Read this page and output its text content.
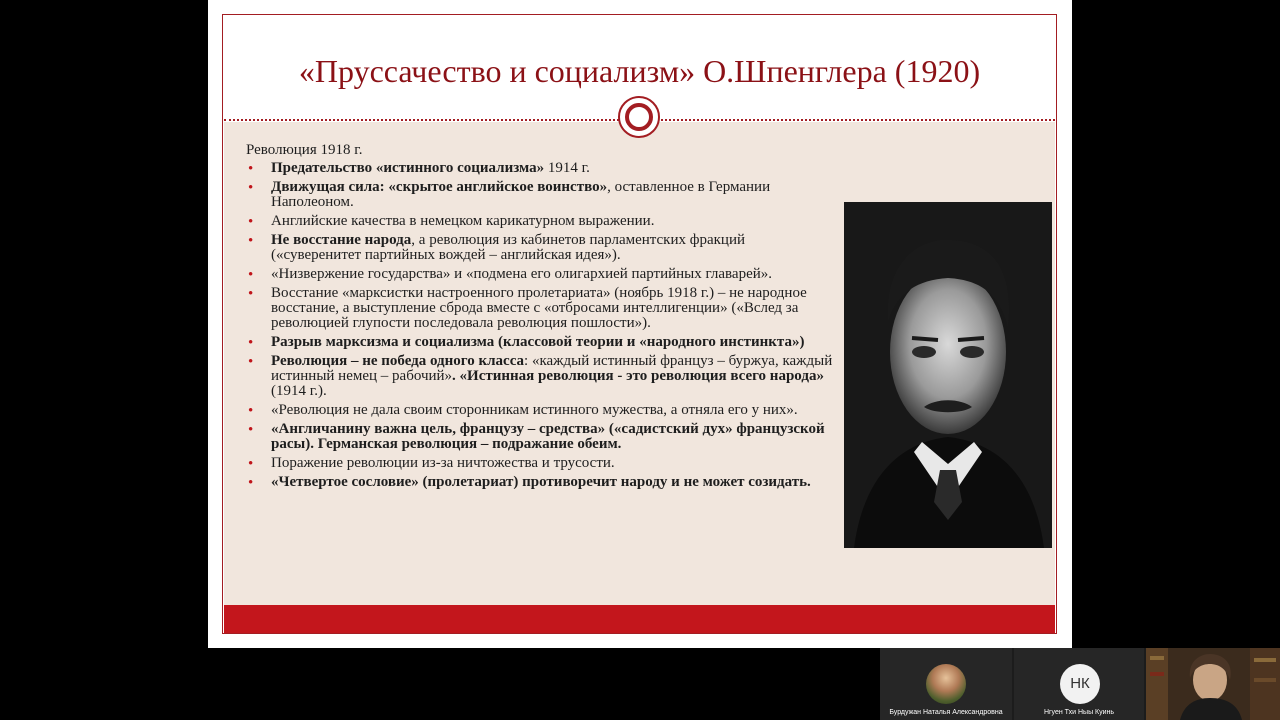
«Пруссачество и социализм» О.Шпенглера (1920)
Революция 1918 г.
• Предательство «истинного социализма» 1914 г.
• Движущая сила: «скрытое английское воинство», оставленное в Германии Наполеоном.
• Английские качества в немецком карикатурном выражении.
• Не восстание народа, а революция из кабинетов парламентских фракций («суверенитет партийных вождей – английская идея»).
• «Низвержение государства» и «подмена его олигархией партийных главарей».
• Восстание «марксистки настроенного пролетариата» (ноябрь 1918 г.) – не народное восстание, а выступление сброда вместе с «отбросами интеллигенции» («Вслед за революцией глупости последовала революция пошлости»).
• Разрыв марксизма и социализма (классовой теории и «народного инстинкта»)
• Революция – не победа одного класса: «каждый истинный француз – буржуа, каждый истинный немец – рабочий». «Истинная революция - это революция всего народа» (1914 г.).
• «Революция не дала своим сторонникам истинного мужества, а отняла его у них».
• «Англичанину важна цель, французу – средства» («садистский дух» французской расы). Германская революция – подражание обеим.
• Поражение революции из-за ничтожества и трусости.
• «Четвертое сословие» (пролетариат) противоречит народу и не может созидать.
Бурдужан Наталья Александровна
НК
Нгуен Тхи Ныы Куинь
